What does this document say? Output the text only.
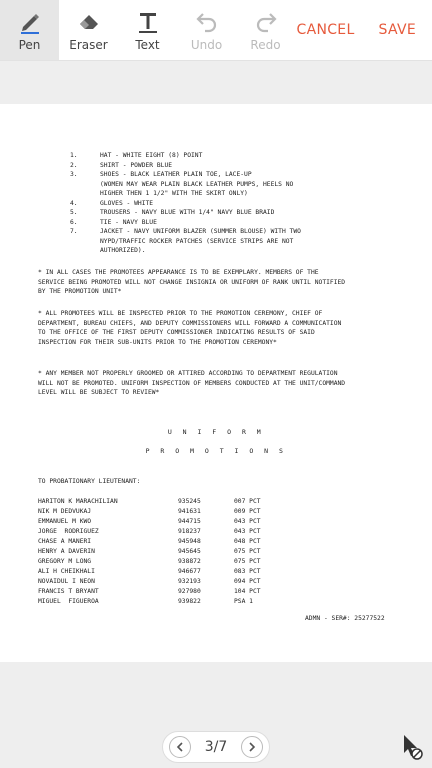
Pen Eraser Text	Undo Redo
CANCEL SAVE
1.	HAT - WHITE EIGHT (8) POINT
2.	SHIRT - POWDER BLUE
3.	SHOES - BLACK LEATHER PLAIN TOE, LACE-UP
(WOMEN MAY WEAR PLAIN BLACK LEATHER PUMPS, HEELS NO
HIGHER THEN 1 1/2" WITH THE SKIRT ONLY)
4.	GLOVES - WHITE
5.	TROUSERS - NAVY BLUE WITH 1/4" NAVY BLUE BRAID
6.	TIE - NAVY BLUE
7.	JACKET - NAVY UNIFORM BLAZER (SUMMER BLOUSE) WITH TWO
NYPD/TRAFFIC ROCKER PATCHES (SERVICE STRIPS ARE NOT
AUTHORIZED).
* IN ALL CASES THE PROMOTEES APPEARANCE IS TO BE EXEMPLARY. MEMBERS OF THE SERVICE BEING PROMOTED WILL NOT CHANGE INSIGNIA OR UNIFORM OF RANK UNTIL NOTIFIED BY THE PROMOTION UNIT*
* ALL PROMOTEES WILL BE INSPECTED PRIOR TO THE PROMOTION CEREMONY, CHIEF OF DEPARTMENT, BUREAU CHIEFS, AND DEPUTY COMMISSIONERS WILL FORWARD A COMMUNICATION TO THE OFFICE OF THE FIRST DEPUTY COMMISSIONER INDICATING RESULTS OF SAID INSPECTION FOR THEIR SUB-UNITS PRIOR TO THE PROMOTION CEREMONY*
* ANY MEMBER NOT PROPERLY GROOMED OR ATTIRED ACCORDING TO DEPARTMENT REGULATION WILL NOT BE PROMOTED. UNIFORM INSPECTION OF MEMBERS CONDUCTED AT THE UNIT/COMMAND LEVEL WILL BE SUBJECT TO REVIEW*
U N I F O R M
P R O M O T I O N S
TO PROBATIONARY LIEUTENANT:
HARITON K MARACHILIAN	935245	007 PCT
NIK M DEDVUKAJ	941631	009 PCT
EMMANUEL M KWO	944715	043 PCT
JORGE  RODRIGUEZ	918237	043 PCT
CHASE A MANERI	945948	048 PCT
HENRY A DAVERIN	945645	075 PCT
GREGORY M LONG	938872	075 PCT
ALI H CHEIKHALI	946677	083 PCT
NOVAIDUL I NEON	932193	094 PCT
FRANCIS T BRYANT	927980	104 PCT
MIGUEL  FIGUEROA	939822	PSA 1
ADMN - SER#: 25277522
3/7
